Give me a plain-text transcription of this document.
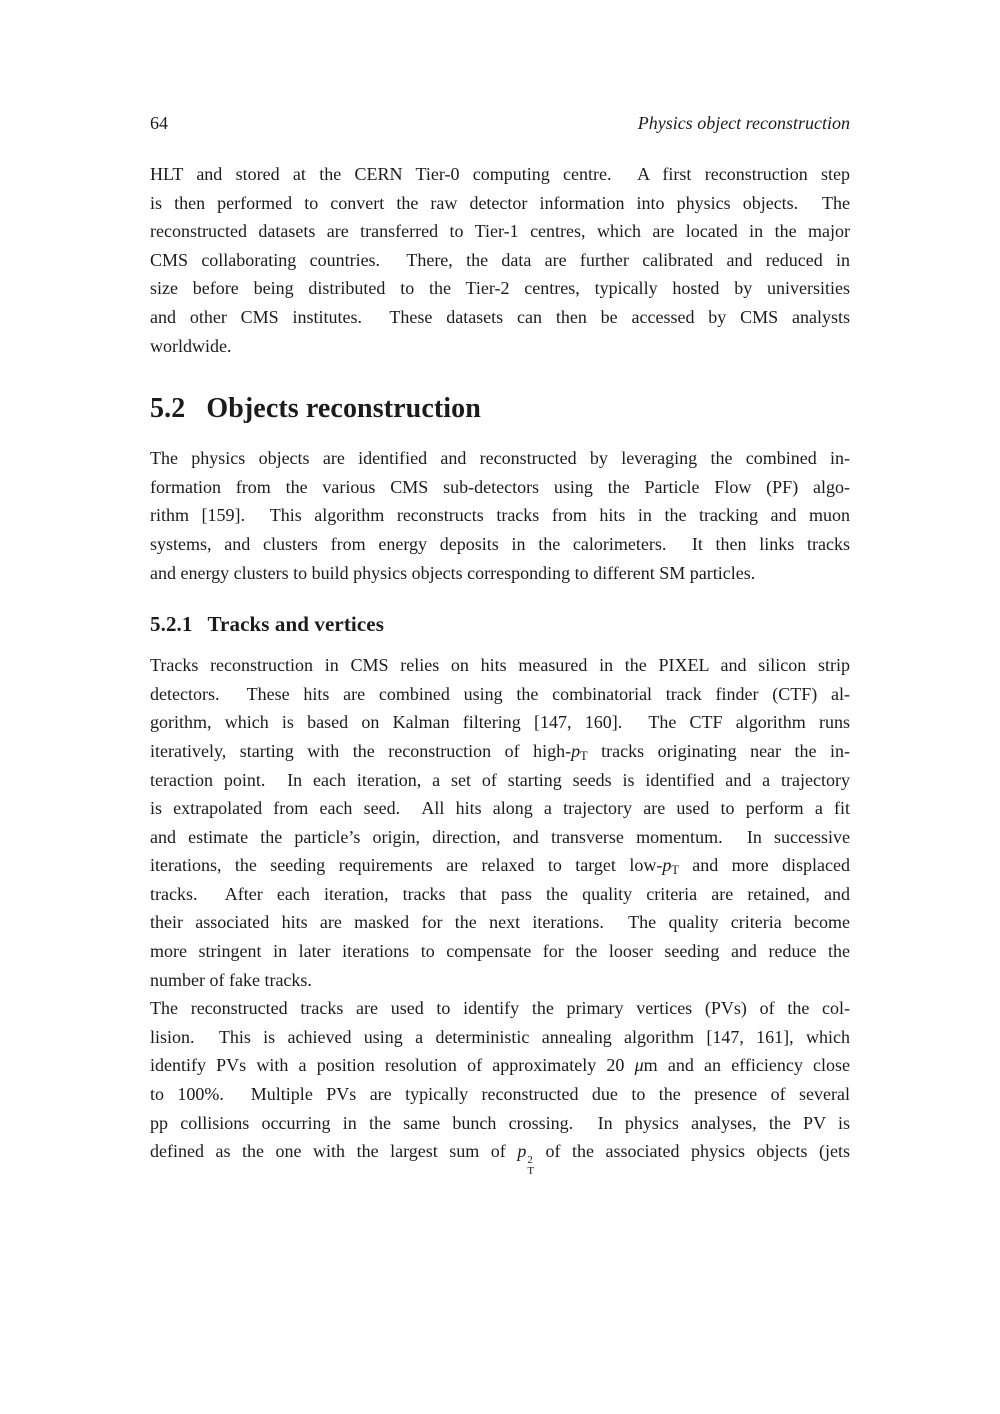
64	Physics object reconstruction
HLT and stored at the CERN Tier-0 computing centre.  A first reconstruction step
is then performed to convert the raw detector information into physics objects.  The
reconstructed datasets are transferred to Tier-1 centres, which are located in the major
CMS collaborating countries.  There, the data are further calibrated and reduced in
size before being distributed to the Tier-2 centres, typically hosted by universities
and other CMS institutes.  These datasets can then be accessed by CMS analysts
worldwide.
5.2 Objects reconstruction
The physics objects are identified and reconstructed by leveraging the combined in-
formation from the various CMS sub-detectors using the Particle Flow (PF) algo-
rithm [159].  This algorithm reconstructs tracks from hits in the tracking and muon
systems, and clusters from energy deposits in the calorimeters.  It then links tracks
and energy clusters to build physics objects corresponding to different SM particles.
5.2.1 Tracks and vertices
Tracks reconstruction in CMS relies on hits measured in the PIXEL and silicon strip
detectors.  These hits are combined using the combinatorial track finder (CTF) al-
gorithm, which is based on Kalman filtering [147, 160].  The CTF algorithm runs
iteratively, starting with the reconstruction of high-$p_T$ tracks originating near the in-
teraction point.  In each iteration, a set of starting seeds is identified and a trajectory
is extrapolated from each seed.  All hits along a trajectory are used to perform a fit
and estimate the particle’s origin, direction, and transverse momentum.  In successive
iterations, the seeding requirements are relaxed to target low-$p_T$ and more displaced
tracks.  After each iteration, tracks that pass the quality criteria are retained, and
their associated hits are masked for the next iterations.  The quality criteria become
more stringent in later iterations to compensate for the looser seeding and reduce the
number of fake tracks.
The reconstructed tracks are used to identify the primary vertices (PVs) of the col-
lision.  This is achieved using a deterministic annealing algorithm [147, 161], which
identify PVs with a position resolution of approximately 20 μm and an efficiency close
to 100%.  Multiple PVs are typically reconstructed due to the presence of several
pp collisions occurring in the same bunch crossing.  In physics analyses, the PV is
defined as the one with the largest sum of p 2
T
of the associated physics objects (jets
